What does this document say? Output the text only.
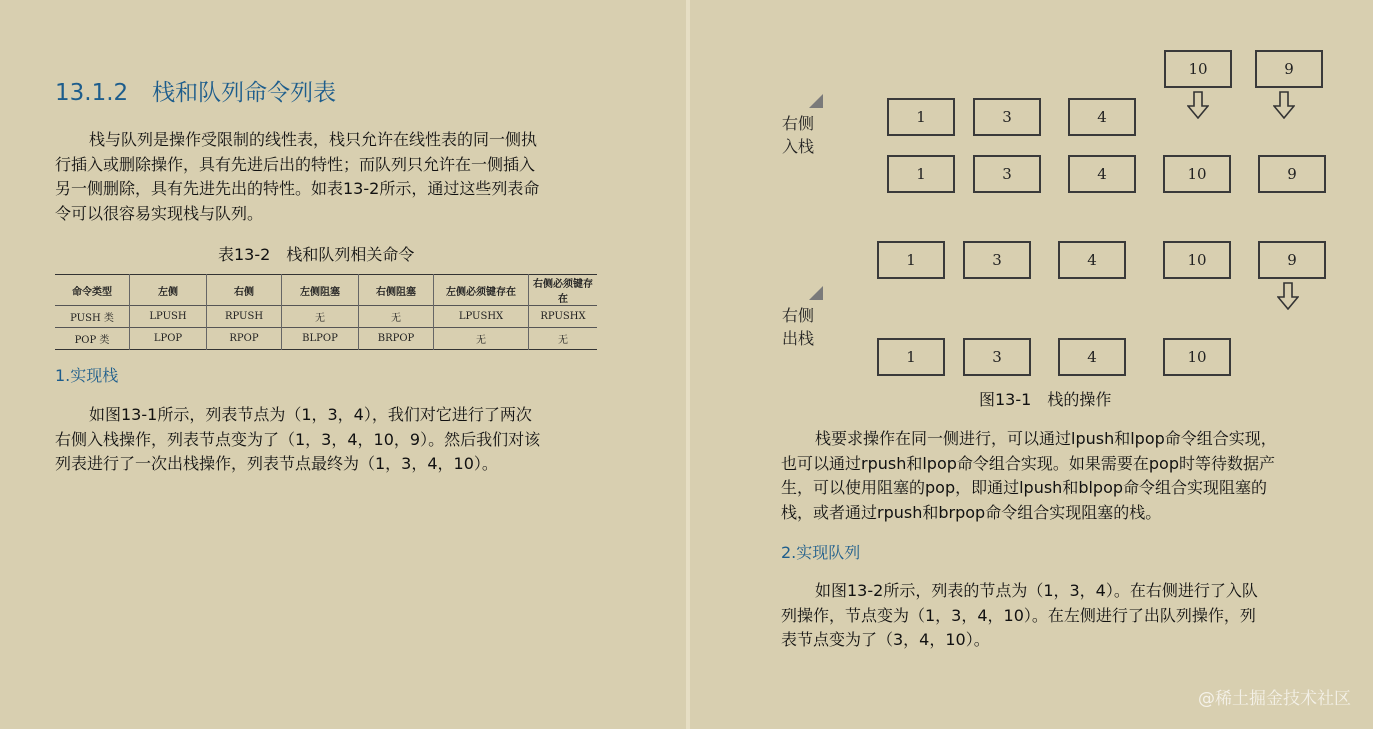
13.1.2 栈和队列命令列表

栈与队列是操作受限制的线性表，栈只允许在线性表的同一侧执
行插入或删除操作，具有先进后出的特性；而队列只允许在一侧插入
另一侧删除，具有先进先出的特性。如表13-2所示，通过这些列表命
令可以很容易实现栈与队列。

表13-2　栈和队列相关命令
命令类型	左侧	右侧	左侧阻塞	右侧阻塞	左侧必须键存在	右侧必须键存在
PUSH 类	LPUSH	RPUSH	无	无	LPUSHX	RPUSHX
POP 类	LPOP	RPOP	BLPOP	BRPOP	无	无
1.实现栈

如图13-1所示，列表节点为（1，3，4），我们对它进行了两次
右侧入栈操作，列表节点变为了（1，3，4，10，9）。然后我们对该
列表进行了一次出栈操作，列表节点最终为（1，3，4，10）。

右侧
入栈
10	9
1	3	4
1	3	4	10	9
1	3	4	10	9
右侧
出栈
1	3	4	10
图13-1　栈的操作

栈要求操作在同一侧进行，可以通过lpush和lpop命令组合实现，
也可以通过rpush和lpop命令组合实现。如果需要在pop时等待数据产
生，可以使用阻塞的pop，即通过lpush和blpop命令组合实现阻塞的
栈，或者通过rpush和brpop命令组合实现阻塞的栈。

2.实现队列

如图13-2所示，列表的节点为（1，3，4）。在右侧进行了入队
列操作，节点变为（1，3，4，10）。在左侧进行了出队列操作，列
表节点变为了（3，4，10）。

@稀土掘金技术社区
